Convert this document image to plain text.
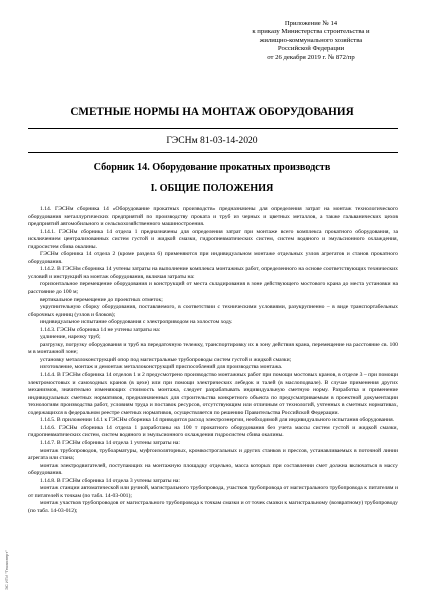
Приложение № 14
к приказу Министерства строительства и
жилищно-коммунального хозяйства
Российской Федерации
от 26 декабря 2019 г. № 872/пр
СМЕТНЫЕ НОРМЫ НА МОНТАЖ ОБОРУДОВАНИЯ
ГЭСНм 81-03-14-2020
Сборник 14. Оборудование прокатных производств
I. ОБЩИЕ ПОЛОЖЕНИЯ

1.14. ГЭСНм сборника 14 «Оборудование прокатных производств» предназначены для определения затрат на монтаж технологического оборудования металлургических предприятий по производству проката и труб из черных и цветных металлов, а также гальванических цехов предприятий автомобильного и сельскохозяйственного машиностроения.

1.14.1. ГЭСНм сборника 14 отдела 1 предназначены для определения затрат при монтаже всего комплекса прокатного оборудования, за исключением централизованных систем густой и жидкой смазки, гидропневматических систем, систем водяного и эмульсионного охлаждения, гидросистем сбива окалины.

ГЭСНм сборника 14 отдела 2 (кроме раздела 6) применяются при индивидуальном монтаже отдельных узлов агрегатов и станов прокатного оборудования.

1.14.2. В ГЭСНм сборника 14 учтены затраты на выполнение комплекса монтажных работ, определенного на основе соответствующих технических условий и инструкций на монтаж оборудования, включая затраты на:

горизонтальное перемещение оборудования и конструкций от места складирования в зоне действующего мостового крана до места установки на расстояние до 100 м;

вертикальное перемещение до проектных отметок;

укрупнительную сборку оборудования, поставляемого, в соответствии с техническими условиями, разукрупненно – в виде транспортабельных сборочных единиц (узлов и блоков);

индивидуальное испытание оборудования с электроприводом на холостом ходу.

1.14.3. ГЭСНм сборника 14 не учтены затраты на:

удлинение, нарезку труб;

разгрузку, погрузку оборудования и труб на передаточную тележку, транспортировку их в зону действия крана, перемещение на расстояние св. 100 м в монтажной зоне;

установку металлоконструкций опор под магистральные трубопроводы систем густой и жидкой смазки;

изготовление, монтаж и демонтаж металлоконструкций приспособлений для производства монтажа.

1.14.4. В ГЭСНм сборника 14 отделов 1 и 2 предусмотрено производство монтажных работ при помощи мостовых кранов, в отделе 3 – при помощи электромостовых и самоходных кранов (в цехе) или при помощи электрических лебедок и талей (в маслоподвале). В случае применения других механизмов, значительно изменяющих стоимость монтажа, следует разрабатывать индивидуальную сметную норму. Разработка и применение индивидуальных сметных нормативов, предназначенных для строительства конкретного объекта по предусматриваемым в проектной документации технологиям производства работ, условиям труда и поставок ресурсов, отсутствующим или отличным от технологий, учтенных в сметных нормативах, содержащихся в федеральном реестре сметных нормативов, осуществляется по решению Правительства Российской Федерации.

1.14.5. В приложении 14.1 к ГЭСНм сборника 14 приводится расход электроэнергии, необходимой для индивидуального испытания оборудования.

1.14.6. ГЭСНм сборника 14 отдела 1 разработаны на 100 т прокатного оборудования без учета массы систем густой и жидкой смазки, гидропневматических систем, систем водяного и эмульсионного охлаждения гидросистем сбива окалины.

1.14.7. В ГЭСНм сборника 14 отдела 1 учтены затраты на:

монтаж трубопроводов, трубоарматуры, муфтоизоляторных, кромкострогальных и других станков и прессов, устанавливаемых в поточной линии агрегата или стана;

монтаж электродвигателей, поступающих на монтажную площадку отдельно, масса которых при составлении смет должна включаться в массу оборудования.

1.14.8. В ГЭСНм сборника 14 отдела 3 учтены затраты на:

монтаж станции автоматической или ручной, магистрального трубопровода, участков трубопровода от магистрального трубопровода к питателям и от питателей к точкам (по табл. 14-03-001);

монтаж участков трубопроводов от магистрального трубопровода к точкам смазки и от точек смазки к магистральному (возвратному) трубопроводу (по табл. 14-03-012);

ЭС ИТИ "Техэксперт"
